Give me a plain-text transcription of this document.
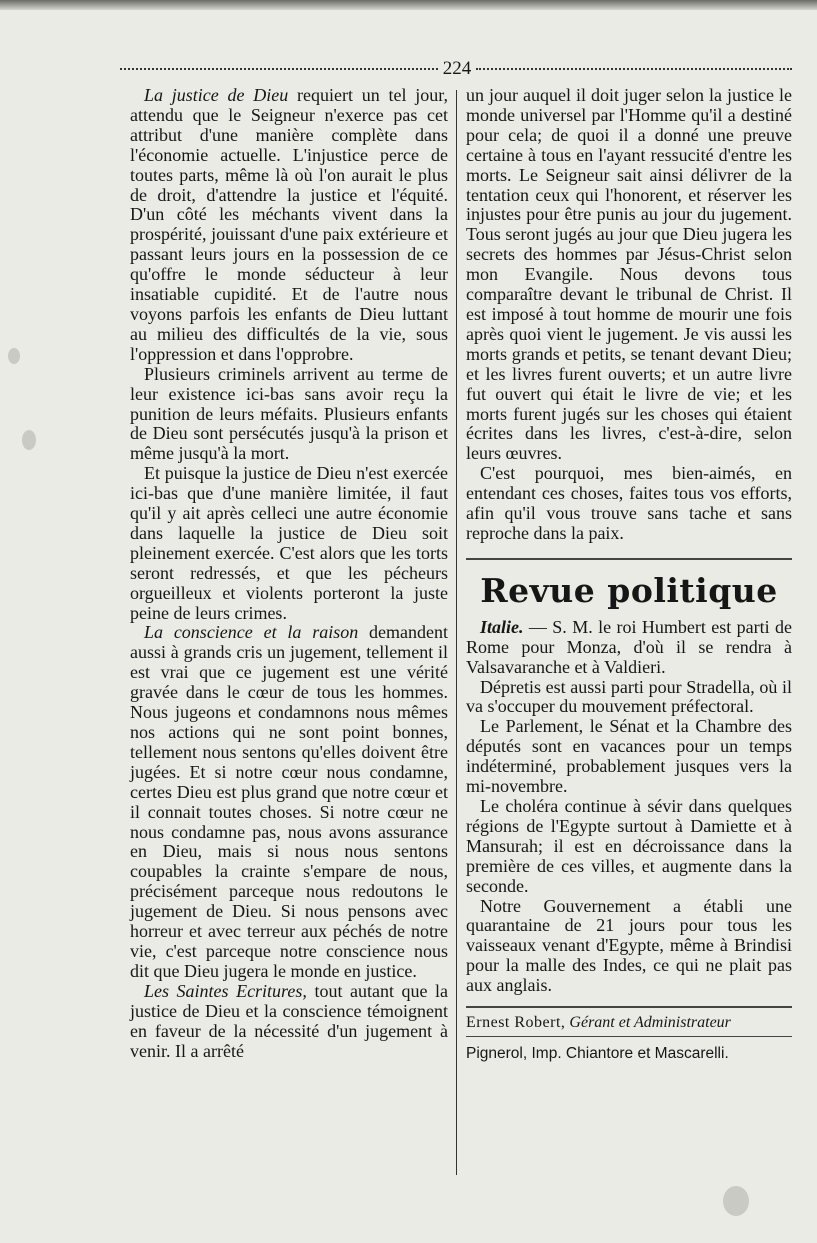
224

La justice de Dieu requiert un tel jour, attendu que le Seigneur n'exerce pas cet attribut d'une manière complète dans l'économie actuelle. L'injustice perce de toutes parts, même là où l'on aurait le plus de droit, d'attendre la justice et l'équité. D'un côté les méchants vivent dans la prospérité, jouissant d'une paix extérieure et passant leurs jours en la possession de ce qu'offre le monde séducteur à leur insatiable cupidité. Et de l'autre nous voyons parfois les enfants de Dieu luttant au milieu des difficultés de la vie, sous l'oppression et dans l'opprobre.

Plusieurs criminels arrivent au terme de leur existence ici-bas sans avoir reçu la punition de leurs méfaits. Plusieurs enfants de Dieu sont persécutés jusqu'à la prison et même jusqu'à la mort.

Et puisque la justice de Dieu n'est exercée ici-bas que d'une manière limitée, il faut qu'il y ait après celleci une autre économie dans laquelle la justice de Dieu soit pleinement exercée. C'est alors que les torts seront redressés, et que les pécheurs orgueilleux et violents porteront la juste peine de leurs crimes.

La conscience et la raison demandent aussi à grands cris un jugement, tellement il est vrai que ce jugement est une vérité gravée dans le cœur de tous les hommes. Nous jugeons et condamnons nous mêmes nos actions qui ne sont point bonnes, tellement nous sentons qu'elles doivent être jugées. Et si notre cœur nous condamne, certes Dieu est plus grand que notre cœur et il connait toutes choses. Si notre cœur ne nous condamne pas, nous avons assurance en Dieu, mais si nous nous sentons coupables la crainte s'empare de nous, précisément parceque nous redoutons le jugement de Dieu. Si nous pensons avec horreur et avec terreur aux péchés de notre vie, c'est parceque notre conscience nous dit que Dieu jugera le monde en justice.

Les Saintes Ecritures, tout autant que la justice de Dieu et la conscience témoignent en faveur de la nécessité d'un jugement à venir. Il a arrêté

un jour auquel il doit juger selon la justice le monde universel par l'Homme qu'il a destiné pour cela; de quoi il a donné une preuve certaine à tous en l'ayant ressucité d'entre les morts. Le Seigneur sait ainsi délivrer de la tentation ceux qui l'honorent, et réserver les injustes pour être punis au jour du jugement. Tous seront jugés au jour que Dieu jugera les secrets des hommes par Jésus-Christ selon mon Evangile. Nous devons tous comparaître devant le tribunal de Christ. Il est imposé à tout homme de mourir une fois après quoi vient le jugement. Je vis aussi les morts grands et petits, se tenant devant Dieu; et les livres furent ouverts; et un autre livre fut ouvert qui était le livre de vie; et les morts furent jugés sur les choses qui étaient écrites dans les livres, c'est-à-dire, selon leurs œuvres.

C'est pourquoi, mes bien-aimés, en entendant ces choses, faites tous vos efforts, afin qu'il vous trouve sans tache et sans reproche dans la paix.

Revue politique

Italie. — S. M. le roi Humbert est parti de Rome pour Monza, d'où il se rendra à Valsavaranche et à Valdieri.

Dépretis est aussi parti pour Stradella, où il va s'occuper du mouvement préfectoral.

Le Parlement, le Sénat et la Chambre des députés sont en vacances pour un temps indéterminé, probablement jusques vers la mi-novembre.

Le choléra continue à sévir dans quelques régions de l'Egypte surtout à Damiette et à Mansurah; il est en décroissance dans la première de ces villes, et augmente dans la seconde.

Notre Gouvernement a établi une quarantaine de 21 jours pour tous les vaisseaux venant d'Egypte, même à Brindisi pour la malle des Indes, ce qui ne plait pas aux anglais.

Ernest Robert, Gérant et Administrateur
Pignerol, Imp. Chiantore et Mascarelli.
